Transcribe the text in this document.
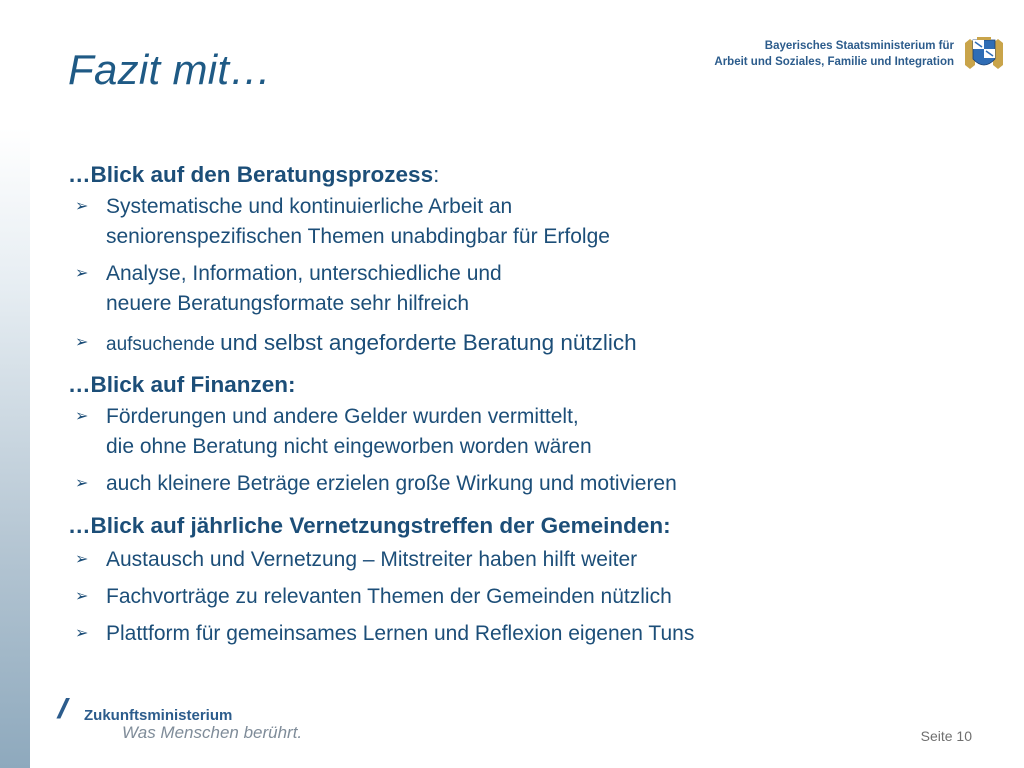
Fazit mit…	Bayerisches Staatsministerium für
Arbeit und Soziales, Familie und Integration

…Blick auf den Beratungsprozess:

➢ Systematische und kontinuierliche Arbeit an
seniorenspezifischen Themen unabdingbar für Erfolge
➢ Analyse, Information, unterschiedliche und
neuere Beratungsformate sehr hilfreich
➢ aufsuchende und selbst angeforderte Beratung nützlich

…Blick auf Finanzen:

➢ Förderungen und andere Gelder wurden vermittelt,
die ohne Beratung nicht eingeworben worden wären
➢ auch kleinere Beträge erzielen große Wirkung und motivieren

…Blick auf jährliche Vernetzungstreffen der Gemeinden:

➢ Austausch und Vernetzung – Mitstreiter haben hilft weiter
➢ Fachvorträge zu relevanten Themen der Gemeinden nützlich
➢ Plattform für gemeinsames Lernen und Reflexion eigenen Tuns
// Zukunftsministerium
Was Menschen berührt.	Seite 10
